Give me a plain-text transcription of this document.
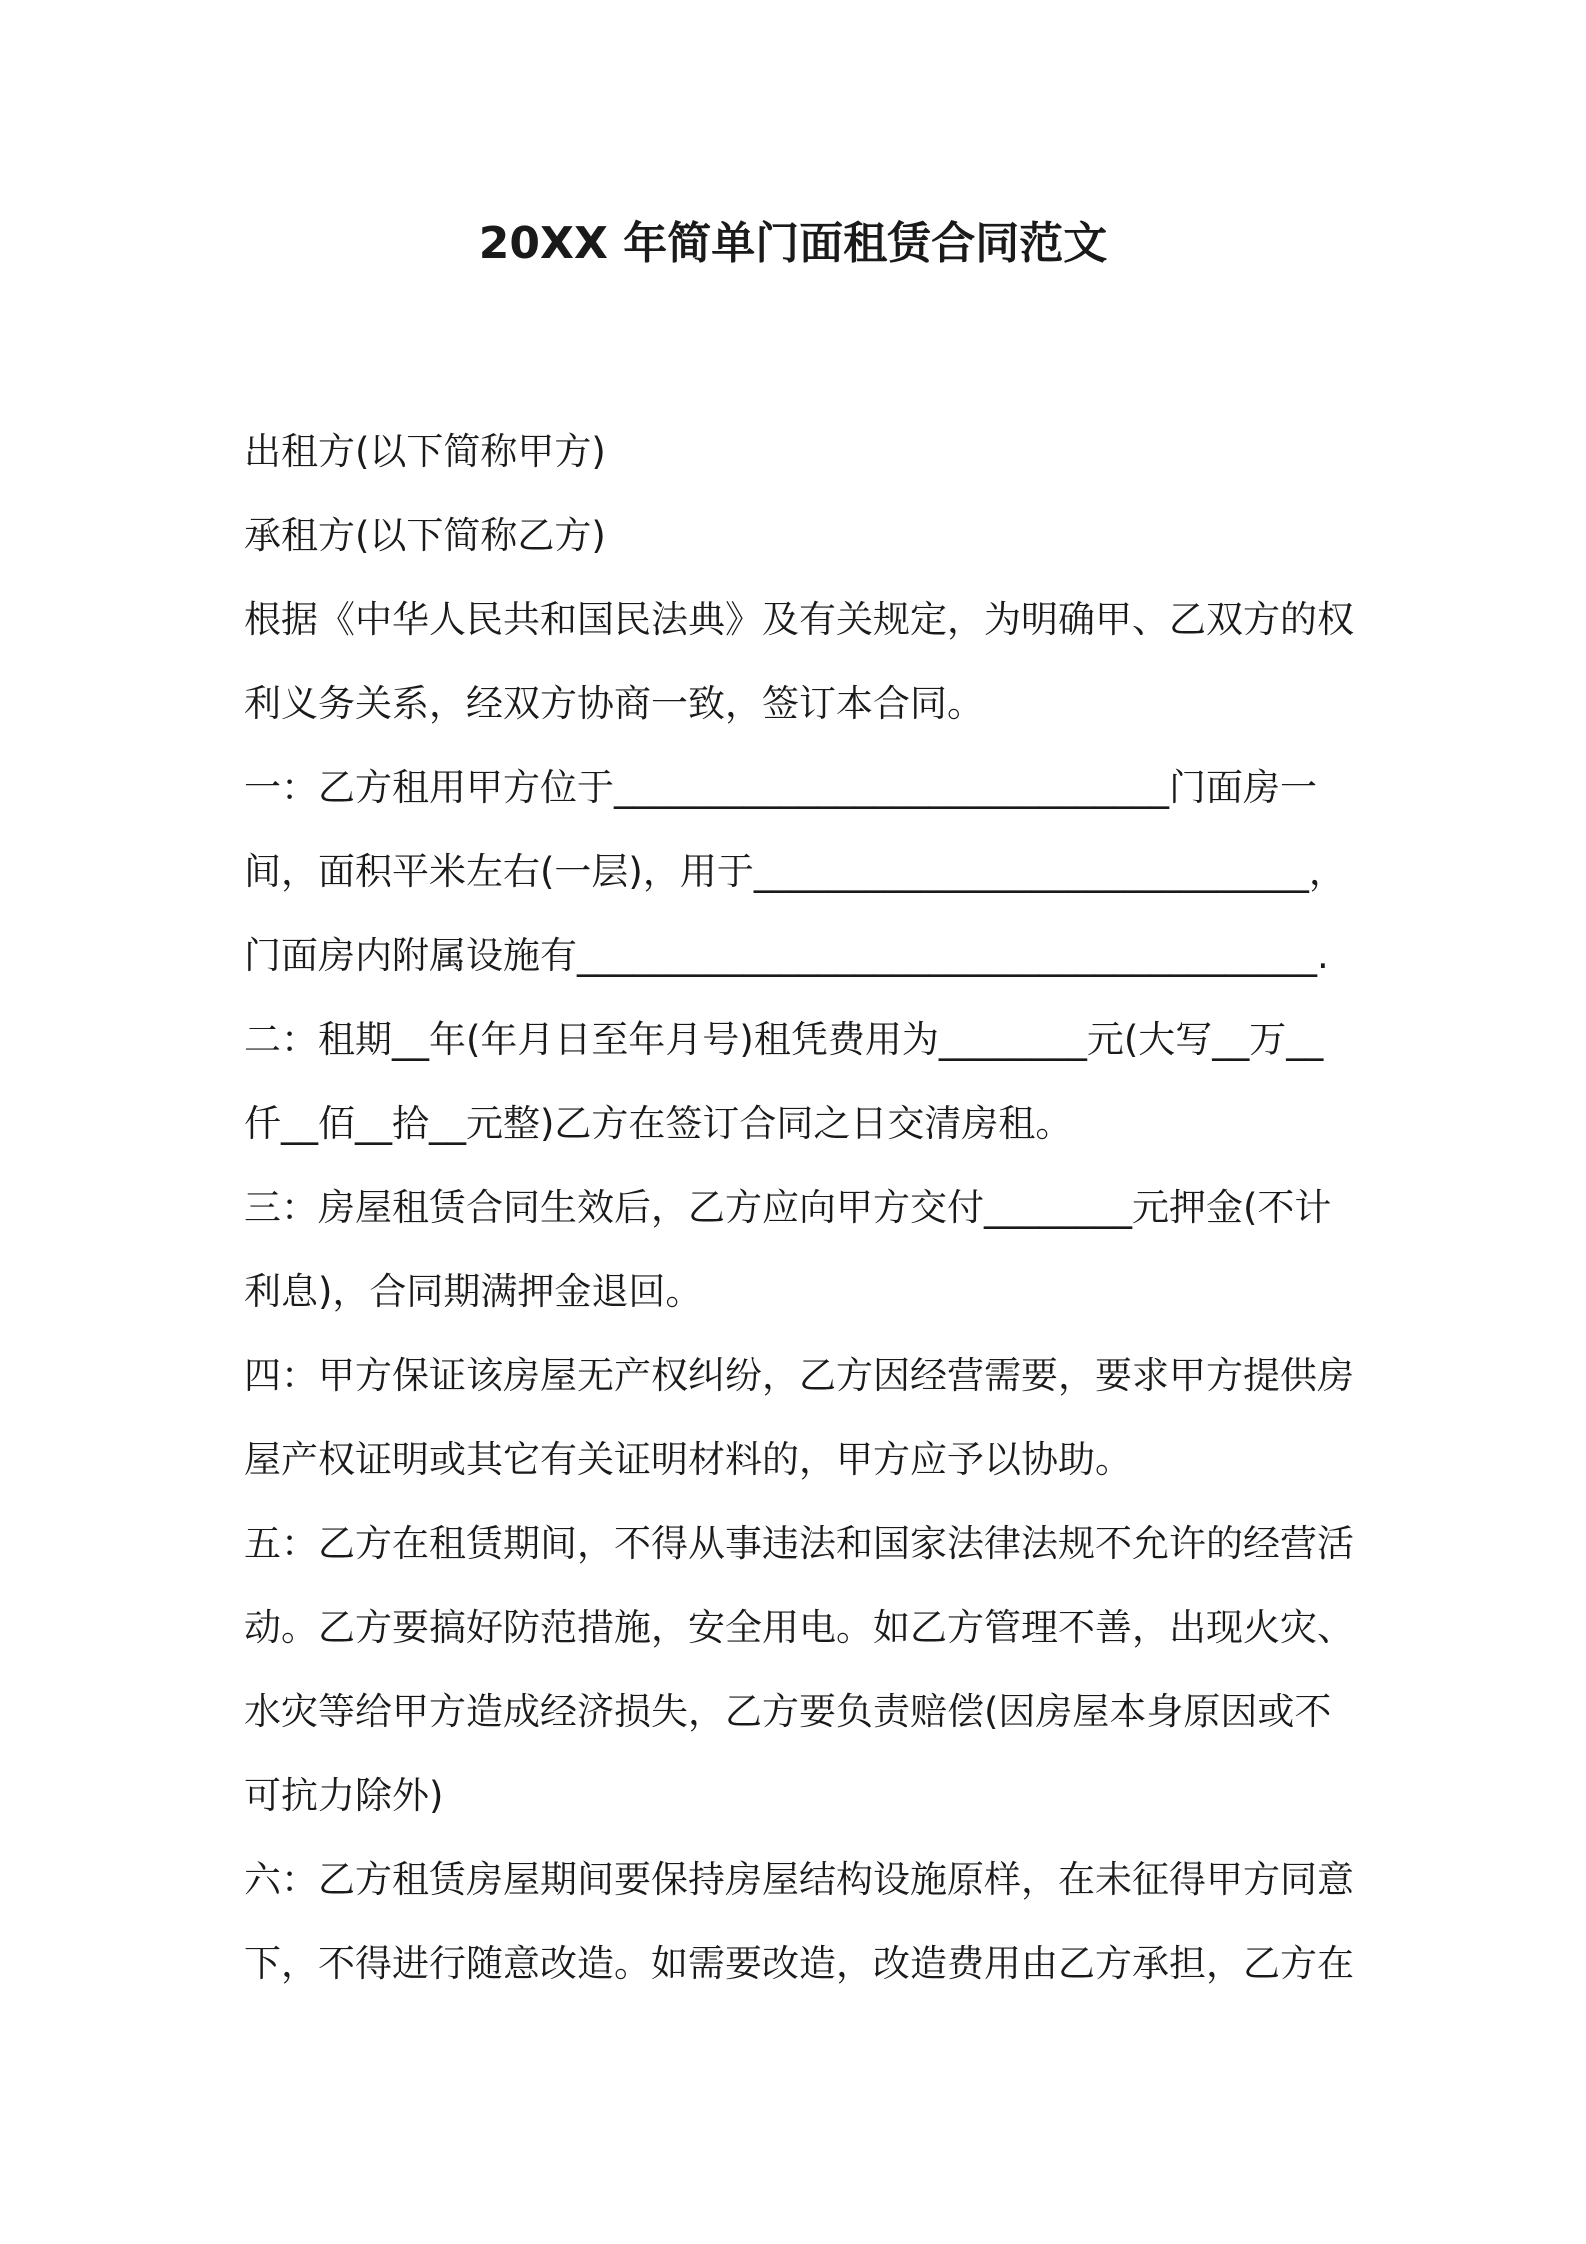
20XX 年简单门面租赁合同范文
出租方(以下简称甲方)
承租方(以下简称乙方)
根据《中华人民共和国民法典》及有关规定，为明确甲、乙双方的权
利义务关系，经双方协商一致，签订本合同。
一：乙方租用甲方位于______________________________门面房一
间，面积平米左右(一层)，用于______________________________，
门面房内附属设施有________________________________________.
二：租期__年(年月日至年月号)租凭费用为________元(大写__万__
仟__佰__拾__元整)乙方在签订合同之日交清房租。
三：房屋租赁合同生效后，乙方应向甲方交付________元押金(不计
利息)，合同期满押金退回。
四：甲方保证该房屋无产权纠纷，乙方因经营需要，要求甲方提供房
屋产权证明或其它有关证明材料的，甲方应予以协助。
五：乙方在租赁期间，不得从事违法和国家法律法规不允许的经营活
动。乙方要搞好防范措施，安全用电。如乙方管理不善，出现火灾、
水灾等给甲方造成经济损失，乙方要负责赔偿(因房屋本身原因或不
可抗力除外)
六：乙方租赁房屋期间要保持房屋结构设施原样，在未征得甲方同意
下，不得进行随意改造。如需要改造，改造费用由乙方承担，乙方在
